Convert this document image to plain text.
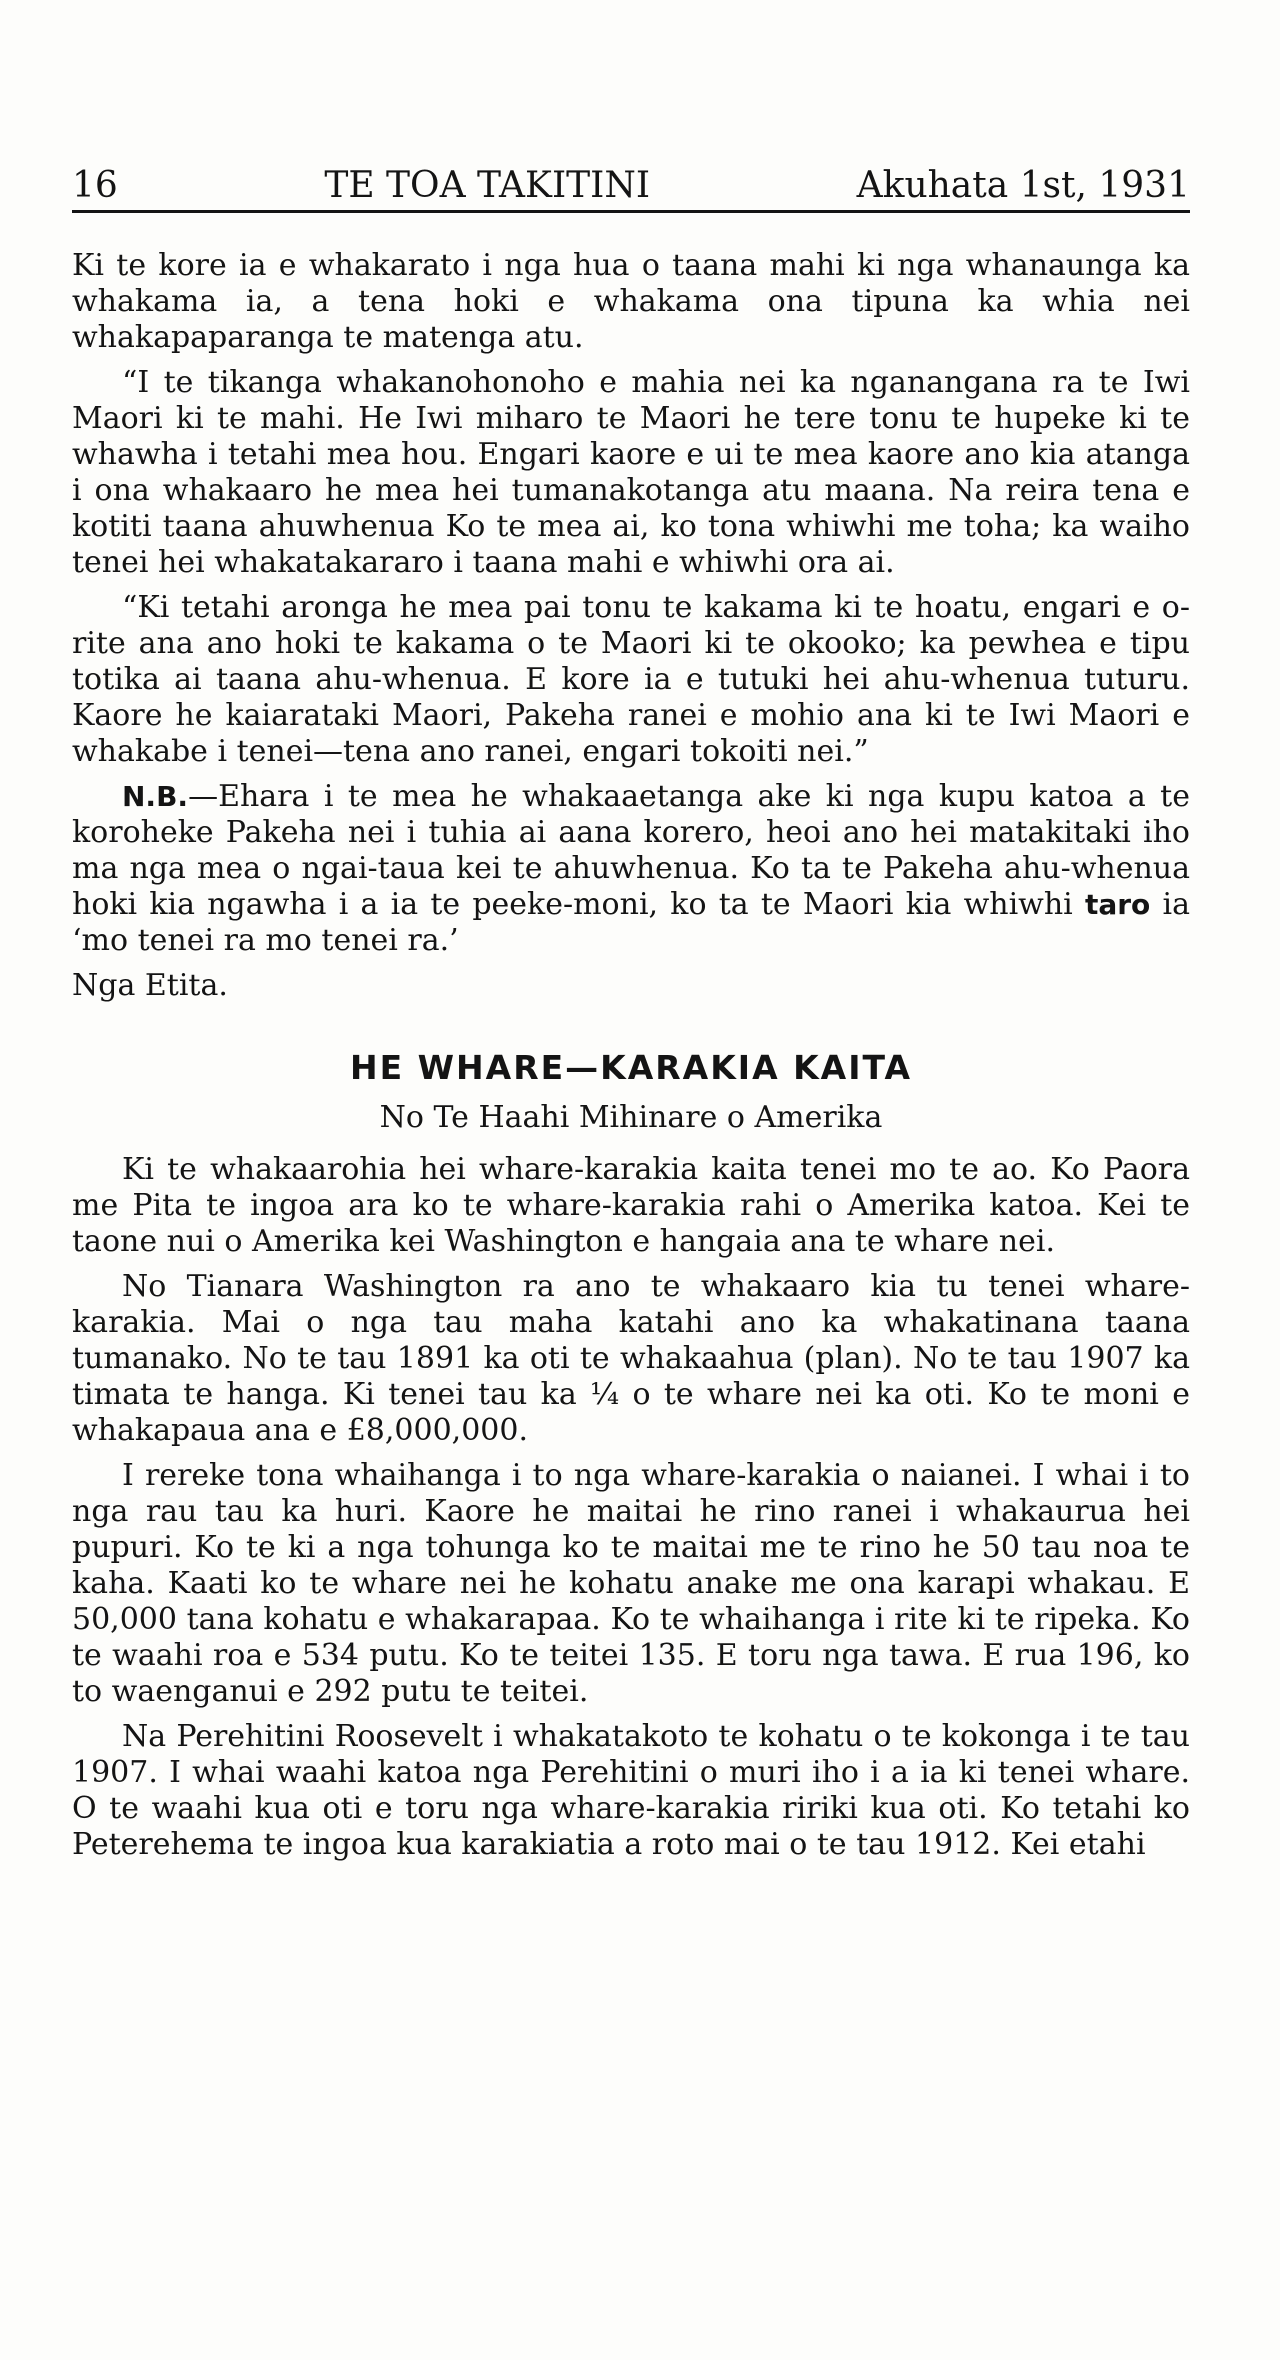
16	TE TOA TAKITINI	Akuhata 1st, 1931

Ki te kore ia e whakarato i nga hua o taana mahi ki nga whanaunga ka whakama ia, a tena hoki e whakama ona tipuna ka whia nei whakapaparanga te matenga atu.

“I te tikanga whakanohonoho e mahia nei ka nganangana ra te Iwi Maori ki te mahi. He Iwi miharo te Maori he tere tonu te hupeke ki te whawha i tetahi mea hou. Engari kaore e ui te mea kaore ano kia atanga i ona whakaaro he mea hei tumanakotanga atu maana. Na reira tena e kotiti taana ahuwhenua Ko te mea ai, ko tona whiwhi me toha; ka waiho tenei hei whakatakararo i taana mahi e whiwhi ora ai.

“Ki tetahi aronga he mea pai tonu te kakama ki te hoatu, engari e o-rite ana ano hoki te kakama o te Maori ki te okooko; ka pewhea e tipu totika ai taana ahu-whenua. E kore ia e tutuki hei ahu-whenua tuturu. Kaore he kaiarataki Maori, Pakeha ranei e mohio ana ki te Iwi Maori e whakabe i tenei—tena ano ranei, engari tokoiti nei.”

N.B.—Ehara i te mea he whakaaetanga ake ki nga kupu katoa a te koroheke Pakeha nei i tuhia ai aana korero, heoi ano hei matakitaki iho ma nga mea o ngai-taua kei te ahuwhenua. Ko ta te Pakeha ahu-whenua hoki kia ngawha i a ia te peeke-moni, ko ta te Maori kia whiwhi taro ia ‘mo tenei ra mo tenei ra.’

Nga Etita.

HE WHARE—KARAKIA KAITA
No Te Haahi Mihinare o Amerika

Ki te whakaarohia hei whare-karakia kaita tenei mo te ao. Ko Paora me Pita te ingoa ara ko te whare-karakia rahi o Amerika katoa. Kei te taone nui o Amerika kei Washington e hangaia ana te whare nei.

No Tianara Washington ra ano te whakaaro kia tu tenei whare-karakia. Mai o nga tau maha katahi ano ka whakatinana taana tumanako. No te tau 1891 ka oti te whakaahua (plan). No te tau 1907 ka timata te hanga. Ki tenei tau ka ¼ o te whare nei ka oti. Ko te moni e whakapaua ana e £8,000,000.

I rereke tona whaihanga i to nga whare-karakia o naianei. I whai i to nga rau tau ka huri. Kaore he maitai he rino ranei i whakaurua hei pupuri. Ko te ki a nga tohunga ko te maitai me te rino he 50 tau noa te kaha. Kaati ko te whare nei he kohatu anake me ona karapi whakau. E 50,000 tana kohatu e whakarapaa. Ko te whaihanga i rite ki te ripeka. Ko te waahi roa e 534 putu. Ko te teitei 135. E toru nga tawa. E rua 196, ko to waenganui e 292 putu te teitei.

Na Perehitini Roosevelt i whakatakoto te kohatu o te kokonga i te tau 1907. I whai waahi katoa nga Perehitini o muri iho i a ia ki tenei whare. O te waahi kua oti e toru nga whare-karakia ririki kua oti. Ko tetahi ko Peterehema te ingoa kua karakiatia a roto mai o te tau 1912. Kei etahi
